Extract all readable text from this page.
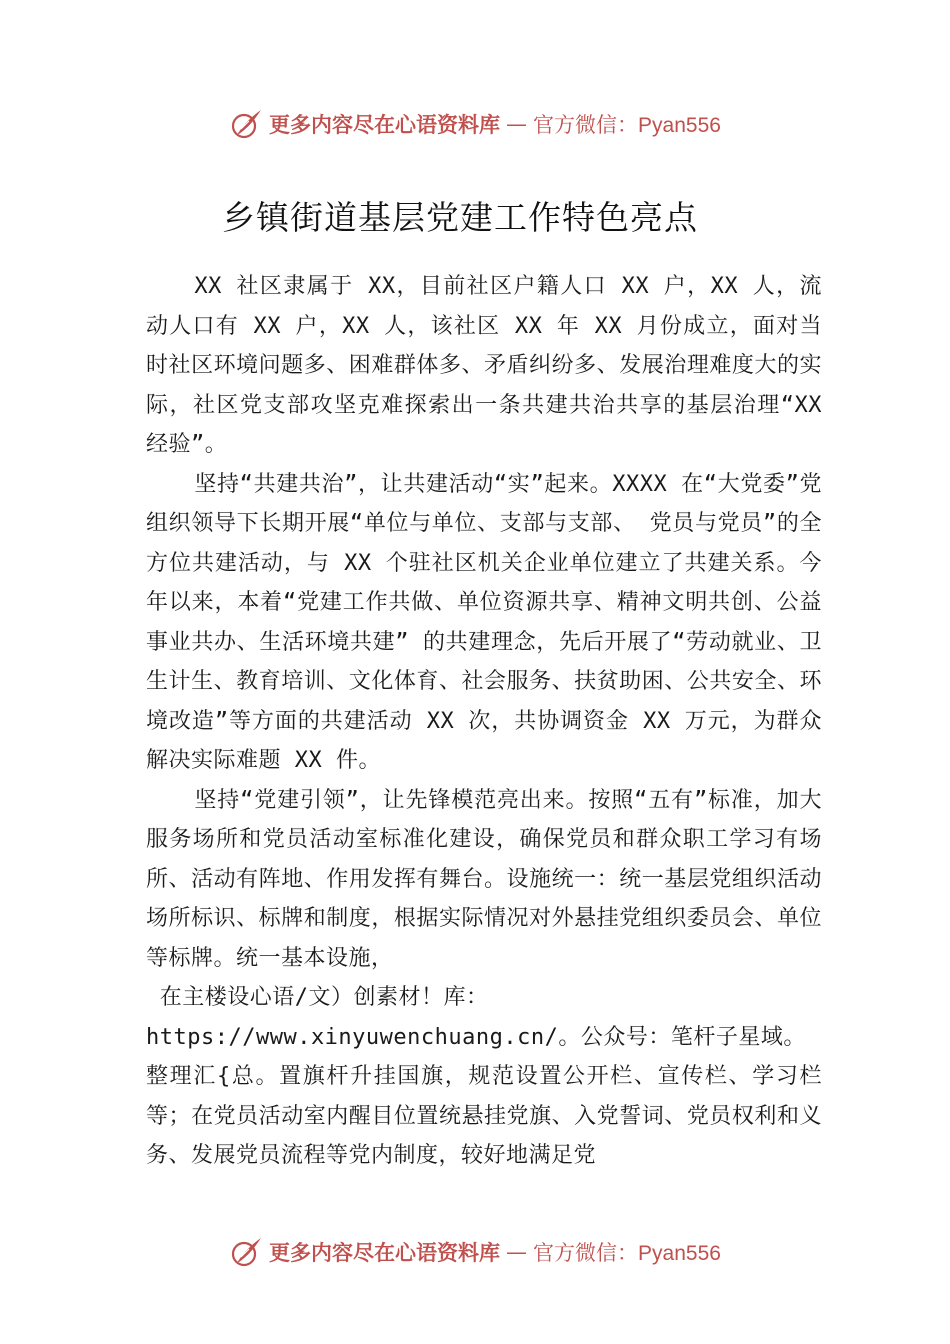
更多内容尽在心语资料库 — 官方微信：Pyan556
乡镇街道基层党建工作特色亮点

XX 社区隶属于 XX，目前社区户籍人口 XX 户，XX 人，流动人口有 XX 户，XX 人，该社区 XX 年 XX 月份成立，面对当时社区环境问题多、困难群体多、矛盾纠纷多、发展治理难度大的实际，社区党支部攻坚克难探索出一条共建共治共享的基层治理“XX 经验”。

坚持“共建共治”，让共建活动“实”起来。XXXX 在“大党委”党组织领导下长期开展“单位与单位、支部与支部、 党员与党员”的全方位共建活动，与 XX 个驻社区机关企业单位建立了共建关系。今年以来，本着“党建工作共做、单位资源共享、精神文明共创、公益事业共办、生活环境共建” 的共建理念，先后开展了“劳动就业、卫生计生、教育培训、文化体育、社会服务、扶贫助困、公共安全、环境改造”等方面的共建活动 XX 次，共协调资金 XX 万元，为群众解决实际难题 XX 件。

坚持“党建引领”，让先锋模范亮出来。按照“五有”标准，加大服务场所和党员活动室标准化建设，确保党员和群众职工学习有场所、活动有阵地、作用发挥有舞台。设施统一：统一基层党组织活动场所标识、标牌和制度，根据实际情况对外悬挂党组织委员会、单位等标牌。统一基本设施，

在主楼设心语/文）创素材！库：

https://www.xinyuwenchuang.cn/。公众号：笔杆子星域。

整理汇{总。置旗杆升挂国旗，规范设置公开栏、宣传栏、学习栏等；在党员活动室内醒目位置统悬挂党旗、入党誓词、党员权利和义务、发展党员流程等党内制度，较好地满足党

更多内容尽在心语资料库 — 官方微信：Pyan556
